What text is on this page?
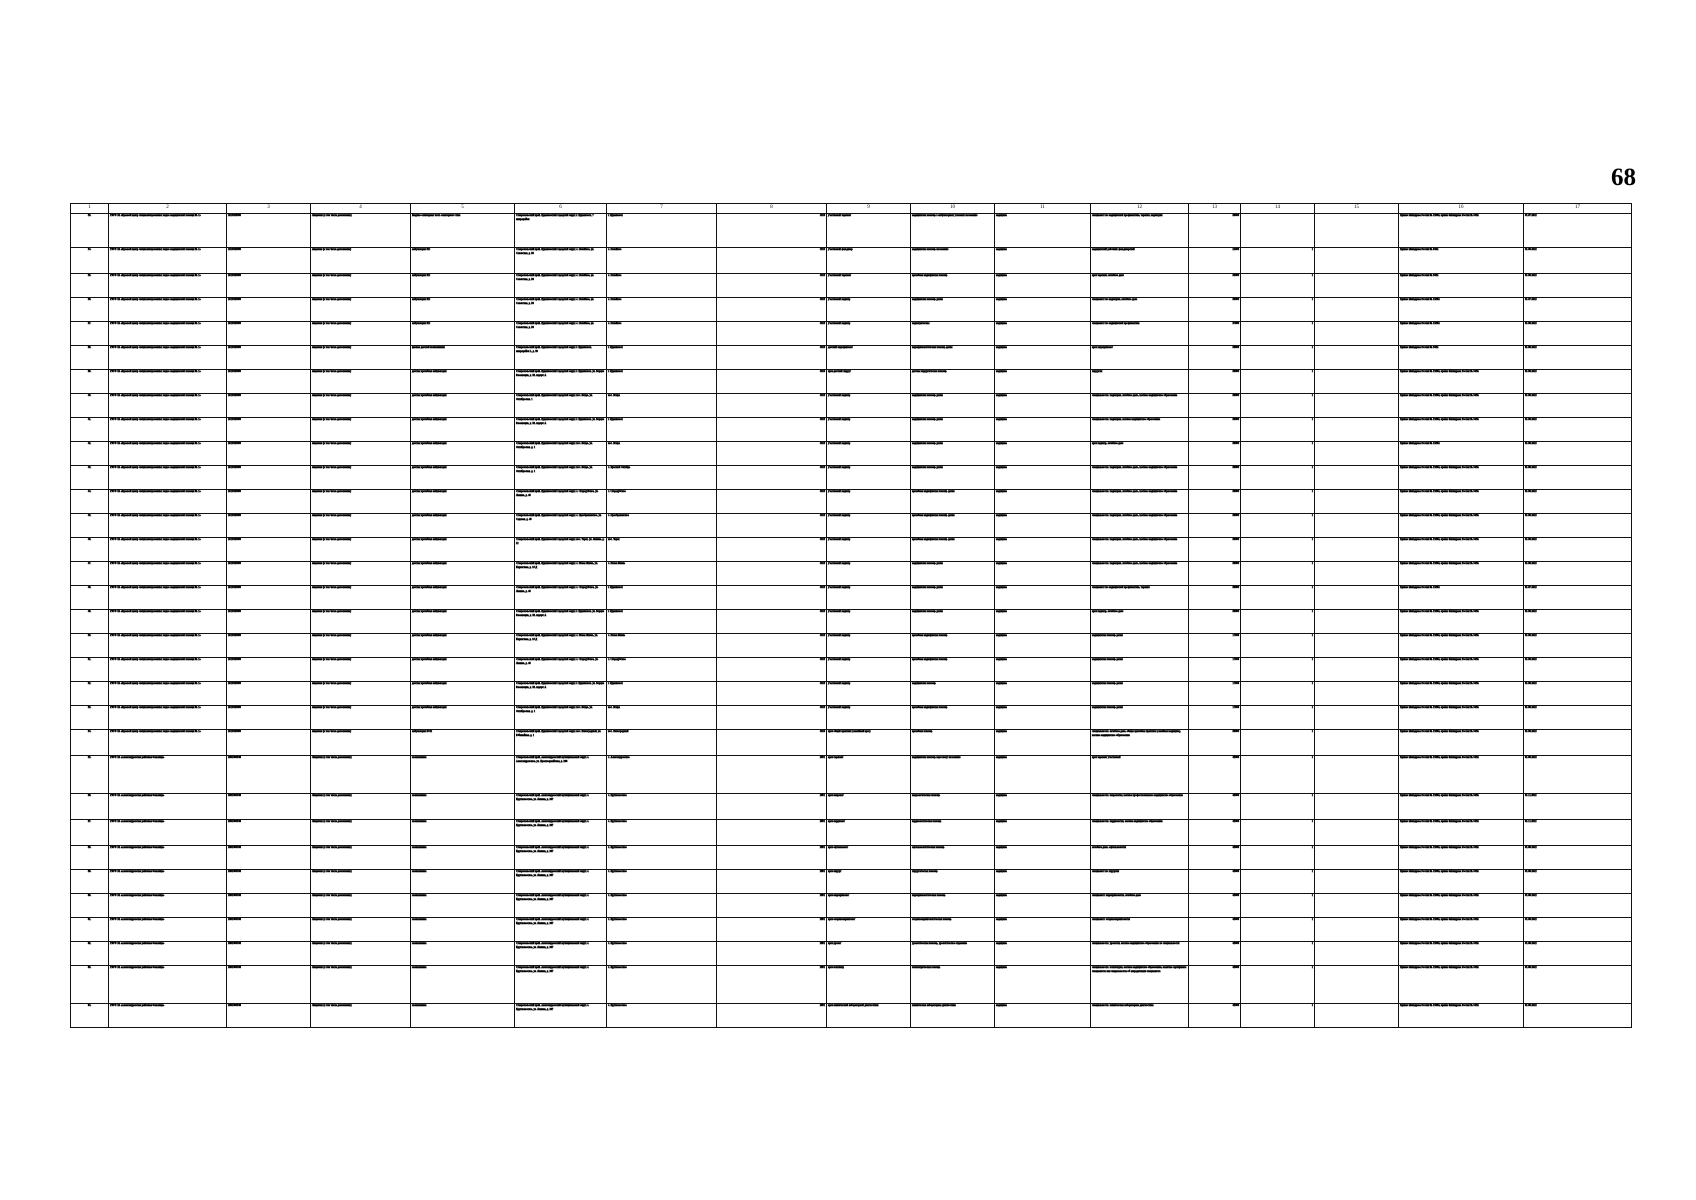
68
1	2	3	4	5	6	7	8	9	10	11	12	13	14	15	16	17

33.	ГБУЗ СК «Краевой центр специализированных видов медицинской помощи № 1»	2615020500	Лицензия (в том числе дополнения)	Медико-санитарная часть санаторного типа	Ставропольский край, Буденновский городской округ, г. Буденновск, 7 микрорайон	г. Буденновск	4510	участковый терапевт	медицинская помощь в амбулаторных условиях населению	медицина	специалист по медицинской профилактике, терапии, педиатрии	39000			Приказ Минздрава России № 1339н, приказ Минздрава России № 543н	01.07.2022

34.	ГБУЗ СК «Краевой центр специализированных видов медицинской помощи № 1»	2615020500	лицензия (в том числе дополнения)	амбулатория ВП	Ставропольский край, Буденновский городской округ, с. Покойное, ул. Советская, д. 28	с. Покойное	4510	участковый фельдшер	медицинская помощь населению	медицина	медицинский работник фельдшерский	22000	1		Приказ Минздрава России № 543н	01.08.2022

35.	ГБУЗ СК «Краевой центр специализированных видов медицинской помощи № 1»	2615020500	лицензия (в том числе дополнения)	амбулатория ВП	Ставропольский край, Буденновский городской округ, с. Покойное, ул. Советская, д. 28	с. Покойное	4510	участковый терапевт	врачебная медицинская помощь	медицина	врач терапевт, лечебное дело	35000	1		Приказ Минздрава России № 543н	01.08.2022

36.	ГБУЗ СК «Краевой центр специализированных видов медицинской помощи № 1»	2615020500	лицензия (в том числе дополнения)	амбулатория ВП	Ставропольский край, Буденновский городской округ, с. Покойное, ул. Советская, д. 28	с. Покойное	4510	участковый педиатр	медицинская помощь детям	медицина	специалист по педиатрии, лечебное дело	39000	1		Приказ Минздрава России № 1339н	01.07.2022

37.	ГБУЗ СК «Краевой центр специализированных видов медицинской помощи № 1»	2615020500	лицензия (в том числе дополнения)	амбулатория ВП	Ставропольский край, Буденновский городской округ, с. Покойное, ул. Советская, д. 28	с. Покойное	4510	участковый педиатр	педиатрическая	медицина	специалист по медицинской профилактике	37000	1		Приказ Минздрава России № 1339н	01.08.2022

38.	ГБУЗ СК «Краевой центр специализированных видов медицинской помощи № 1»	2615020500	лицензия (в том числе дополнения)	филиал детской поликлиники	Ставропольский край, Буденновский городской округ, г. Буденновск, микрорайон 1, д. 33	г. Буденновск	4510	детский эндокринолог	эндокринологическая помощь детям	медицина	врач эндокринолог	38000	1		Приказ Минздрава России № 543н	01.08.2022

39.	ГБУЗ СК «Краевой центр специализированных видов медицинской помощи № 1»	2615020500	лицензия (в том числе дополнения)	детская врачебная амбулатория	Ставропольский край, Буденновский городской округ, г. Буденновск, ул. Борцов Революции, д. 33, корпус А	г. Буденновск	4510	врач-детский хирург	детская хирургическая помощь	медицина	хирургия	39000	1		Приказ Минздрава России № 1339н, приказ Минздрава России № 543н	01.08.2022

40.	ГБУЗ СК «Краевой центр специализированных видов медицинской помощи № 1»	2615020500	лицензия (в том числе дополнения)	детская врачебная амбулатория	Ставропольский край, Буденновский городской округ, пос. Искра, ул. Октябрьская, 1	пос. Искра	4510	участковый педиатр	медицинская помощь детям	медицина	специальность: педиатрия, лечебное дело, высшее медицинское образование	39000	1		Приказ Минздрава России № 1339н, приказ Минздрава России № 543н	01.08.2022

41.	ГБУЗ СК «Краевой центр специализированных видов медицинской помощи № 1»	2615020500	лицензия (в том числе дополнения)	детская врачебная амбулатория	Ставропольский край, Буденновский городской округ, г. Буденновск, ул. Борцов Революции, д. 33, корпус А	г. Буденновск	4510	участковый педиатр	медицинская помощь детям	медицина	специальность: педиатрия, высшее медицинское образование	39000	1		Приказ Минздрава России № 1339н, приказ Минздрава России № 543н	01.08.2022

42.	ГБУЗ СК «Краевой центр специализированных видов медицинской помощи № 1»	2615020500	лицензия (в том числе дополнения)	детская врачебная амбулатория	Ставропольский край, Буденновский городской округ, пос. Искра, ул. Октябрьская, д. 1	пос. Искра	4510	участковый педиатр	медицинская помощь детям	медицина	врач педиатр, лечебное дело	39000	1		Приказ Минздрава России № 1339н	01.08.2022

43.	ГБУЗ СК «Краевой центр специализированных видов медицинской помощи № 1»	2615020500	лицензия (в том числе дополнения)	детская врачебная амбулатория	Ставропольский край, Буденновский городской округ, пос. Искра, ул. Октябрьская, д. 1	с. Красный Октябрь	4510	участковый педиатр	медицинская помощь детям	медицина	специальность: педиатрия, лечебное дело, высшее медицинское образование	39000	1		Приказ Минздрава России № 1339н, приказ Минздрава России № 543н	01.08.2022

44.	ГБУЗ СК «Краевой центр специализированных видов медицинской помощи № 1»	2615020500	лицензия (в том числе дополнения)	детская врачебная амбулатория	Ставропольский край, Буденновский городской округ, с. Стародубское, ул. Ленина, д. 49	с. Стародубское	4510	участковый педиатр	врачебная медицинская помощь детям	медицина	специальность: педиатрия, лечебное дело, высшее медицинское образование	39000	1		Приказ Минздрава России № 1339н, приказ Минздрава России № 543н	01.08.2022

45.	ГБУЗ СК «Краевой центр специализированных видов медицинской помощи № 1»	2615020500	лицензия (в том числе дополнения)	детская врачебная амбулатория	Ставропольский край, Буденновский городской округ, с. Преображенское, ул. Садовая, д. 49	с. Преображенское	4510	участковый педиатр	врачебная медицинская помощь детям	медицина	специальность: педиатрия, лечебное дело, высшее медицинское образование	39000	1		Приказ Минздрава России № 1339н, приказ Минздрава России № 543н	01.08.2022

46.	ГБУЗ СК «Краевой центр специализированных видов медицинской помощи № 1»	2615020500	лицензия (в том числе дополнения)	детская врачебная амбулатория	Ставропольский край, Буденновский городской округ, пос. Терек, ул. Ленина, д. 22	пос. Терек	4510	участковый педиатр	врачебная медицинская помощь детям	медицина	специальность: педиатрия, лечебное дело, высшее медицинское образование	39000	1		Приказ Минздрава России № 1339н, приказ Минздрава России № 543н	01.08.2022

47.	ГБУЗ СК «Краевой центр специализированных видов медицинской помощи № 1»	2615020500	лицензия (в том числе дополнения)	детская врачебная амбулатория	Ставропольский край, Буденновский городской округ, с. Новая Жизнь, ул. Кирпичная, д. 10 Д	с. Новая Жизнь	4510	участковый педиатр	медицинская помощь детям	медицина	специальность: педиатрия, лечебное дело, высшее медицинское образование	39000	1		Приказ Минздрава России № 1339н, приказ Минздрава России № 543н	01.08.2022

48.	ГБУЗ СК «Краевой центр специализированных видов медицинской помощи № 1»	2615020500	лицензия (в том числе дополнения)	детская врачебная амбулатория	Ставропольский край, Буденновский городской округ, с. Стародубское, ул. Ленина, д. 49	г. Буденновск	4510	участковый педиатр	медицинская помощь детям	медицина	специалист по медицинской профилактике, терапии	39000	1		Приказ Минздрава России № 1339н	01.07.2022

49.	ГБУЗ СК «Краевой центр специализированных видов медицинской помощи № 1»	2615020500	лицензия (в том числе дополнения)	детская врачебная амбулатория	Ставропольский край, Буденновский городской округ, г. Буденновск, ул. Борцов Революции, д. 33, корпус А	г. Буденновск	4510	участковый педиатр	медицинская помощь детям	медицина	врач педиатр, лечебное дело	39000	1		Приказ Минздрава России № 1339н, приказ Минздрава России № 543н	01.08.2022

50.	ГБУЗ СК «Краевой центр специализированных видов медицинской помощи № 1»	2615020500	лицензия (в том числе дополнения)	детская врачебная амбулатория	Ставропольский край, Буденновский городской округ, с. Новая Жизнь, ул. Кирпичная, д. 10 Д	с. Новая Жизнь	4510	участковый педиатр	врачебная медицинская помощь	медицина	медицинская помощь детям	17000	1		Приказ Минздрава России № 1339н, приказ Минздрава России № 543н	01.08.2022

51.	ГБУЗ СК «Краевой центр специализированных видов медицинской помощи № 1»	2615020500	лицензия (в том числе дополнения)	детская врачебная амбулатория	Ставропольский край, Буденновский городской округ, с. Стародубское, ул. Ленина, д. 49	с. Стародубское	4510	участковый педиатр	врачебная медицинская помощь	медицина	медицинская помощь детям	17000	1		Приказ Минздрава России № 1339н, приказ Минздрава России № 543н	01.08.2022

52.	ГБУЗ СК «Краевой центр специализированных видов медицинской помощи № 1»	2615020500	лицензия (в том числе дополнения)	детская врачебная амбулатория	Ставропольский край, Буденновский городской округ, г. Буденновск, ул. Борцов Революции, д. 33, корпус А	г. Буденновск	4510	участковый педиатр	медицинская помощь	медицина	медицинская помощь детям	17000	1		Приказ Минздрава России № 1339н, приказ Минздрава России № 543н	01.08.2022

53.	ГБУЗ СК «Краевой центр специализированных видов медицинской помощи № 1»	2615020500	лицензия (в том числе дополнения)	детская врачебная амбулатория	Ставропольский край, Буденновский городской округ, пос. Искра, ул. Октябрьская, д. 1	пос. Искра	4510	участковый педиатр	врачебная медицинская помощь	медицина	медицинская помощь детям	17000	1		Приказ Минздрава России № 1339н, приказ Минздрава России № 543н	01.08.2022

54.	ГБУЗ СК «Краевой центр специализированных видов медицинской помощи № 1»	2615020500	лицензия (в том числе дополнения)	амбулатория ВОП	Ставропольский край, Буденновский городской округ, пос. Виноградный, ул. Юбилейная, д. 1	пос. Виноградный	4510	врач общей практики (семейный врач)	врачебная помощь	медицина	специальность: лечебное дело, общая врачебная практика (семейная медицина), высшее медицинское образование	39000	1		Приказ Минздрава России № 1339н, приказ Минздрава России № 543н	01.08.2022

55.	ГБУЗ СК «Александровская районная больница»	2601000548	Лицензия (в том числе дополнения)	поликлиника	Ставропольский край, Александровский муниципальный округ, с. Александровское, ул. Красноармейская, д. 296	с. Александровское	2601	врач-терапевт	медицинская помощь взрослому населению	медицина	врач терапевт участковый	45000	1		Приказ Минздрава России № 1339н, приказ Минздрава России № 543н	01.08.2022

56.	ГБУЗ СК «Александровская районная больница»	2601000548	Лицензия (в том числе дополнения)	поликлиника	Ставропольский край, Александровский муниципальный округ, с. Круглолесское, ул. Ленина, д. 287	с. Круглолесское	2601	врач-невролог	неврологическая помощь	медицина	специальность: неврология, высшее профессиональное медицинское образование	45000	1		Приказ Минздрава России № 1339н, приказ Минздрава России № 543н	01.11.2022

57.	ГБУЗ СК «Александровская районная больница»	2601000548	Лицензия (в том числе дополнения)	поликлиника	Ставропольский край, Александровский муниципальный округ, с. Круглолесское, ул. Ленина, д. 287	с. Круглолесское	2601	врач-кардиолог	кардиологическая помощь	медицина	специальность: кардиология, высшее медицинское образование	45000	1		Приказ Минздрава России № 1339н, приказ Минздрава России № 543н	01.11.2022

58.	ГБУЗ СК «Александровская районная больница»	2601000548	Лицензия (в том числе дополнения)	поликлиника	Ставропольский край, Александровский муниципальный округ, с. Круглолесское, ул. Ленина, д. 287	с. Круглолесское	2601	врач-офтальмолог	офтальмологическая помощь	медицина	лечебное дело, офтальмология	45000	1		Приказ Минздрава России № 1339н, приказ Минздрава России № 543н	01.08.2022

59.	ГБУЗ СК «Александровская районная больница»	2601000548	Лицензия (в том числе дополнения)	поликлиника	Ставропольский край, Александровский муниципальный округ, с. Круглолесское, ул. Ленина, д. 287	с. Круглолесское	2601	врач-хирург	хирургическая помощь	медицина	специалист по хирургии	45000	1		Приказ Минздрава России № 1339н, приказ Минздрава России № 543н	01.08.2022

60.	ГБУЗ СК «Александровская районная больница»	2601000548	Лицензия (в том числе дополнения)	поликлиника	Ставропольский край, Александровский муниципальный округ, с. Круглолесское, ул. Ленина, д. 287	с. Круглолесское	2601	врач-эндокринолог	эндокринологическая помощь	медицина	специалист: эндокринология, лечебное дело	45000	1		Приказ Минздрава России № 1339н, приказ Минздрава России № 543н	01.08.2022

61.	ГБУЗ СК «Александровская районная больница»	2601000548	Лицензия (в том числе дополнения)	поликлиника	Ставропольский край, Александровский муниципальный округ, с. Круглолесское, ул. Ленина, д. 287	с. Круглолесское	2601	врач-оториноларинголог	оториноларингологическая помощь	медицина	специалист: оториноларингология	45000	1		Приказ Минздрава России № 1339н, приказ Минздрава России № 543н	01.08.2022

62.	ГБУЗ СК «Александровская районная больница»	2601000548	Лицензия (в том числе дополнения)	поликлиника	Ставропольский край, Александровский муниципальный округ, с. Круглолесское, ул. Ленина, д. 287	с. Круглолесское	2601	врач-уролог	урологическая помощь, урологическое отделение	медицина	специальность: урология, высшее медицинское образование по специальности	45000	1		Приказ Минздрава России № 1339н, приказ Минздрава России № 543н	01.08.2022

63.	ГБУЗ СК «Александровская районная больница»	2601000548	Лицензия (в том числе дополнения)	поликлиника	Ставропольский край, Александровский муниципальный округ, с. Круглолесское, ул. Ленина, д. 287	с. Круглолесское	2601	врач-психиатр	психиатрическая помощь	медицина	специальность: психиатрия, высшее медицинское образование, наличие сертификата специалиста или свидетельства об аккредитации специалиста	45000	1		Приказ Минздрава России № 1339н, приказ Минздрава России № 543н	01.08.2022

64.	ГБУЗ СК «Александровская районная больница»	2601000548	Лицензия (в том числе дополнения)	поликлиника	Ставропольский край, Александровский муниципальный округ, с. Круглолесское, ул. Ленина, д. 287	с. Круглолесское	2601	врач-клинической лабораторной диагностики	клиническая лабораторная диагностика	медицина	специальность: клиническая лабораторная диагностика	45000	1		Приказ Минздрава России № 1339н, приказ Минздрава России № 543н	01.08.2022
